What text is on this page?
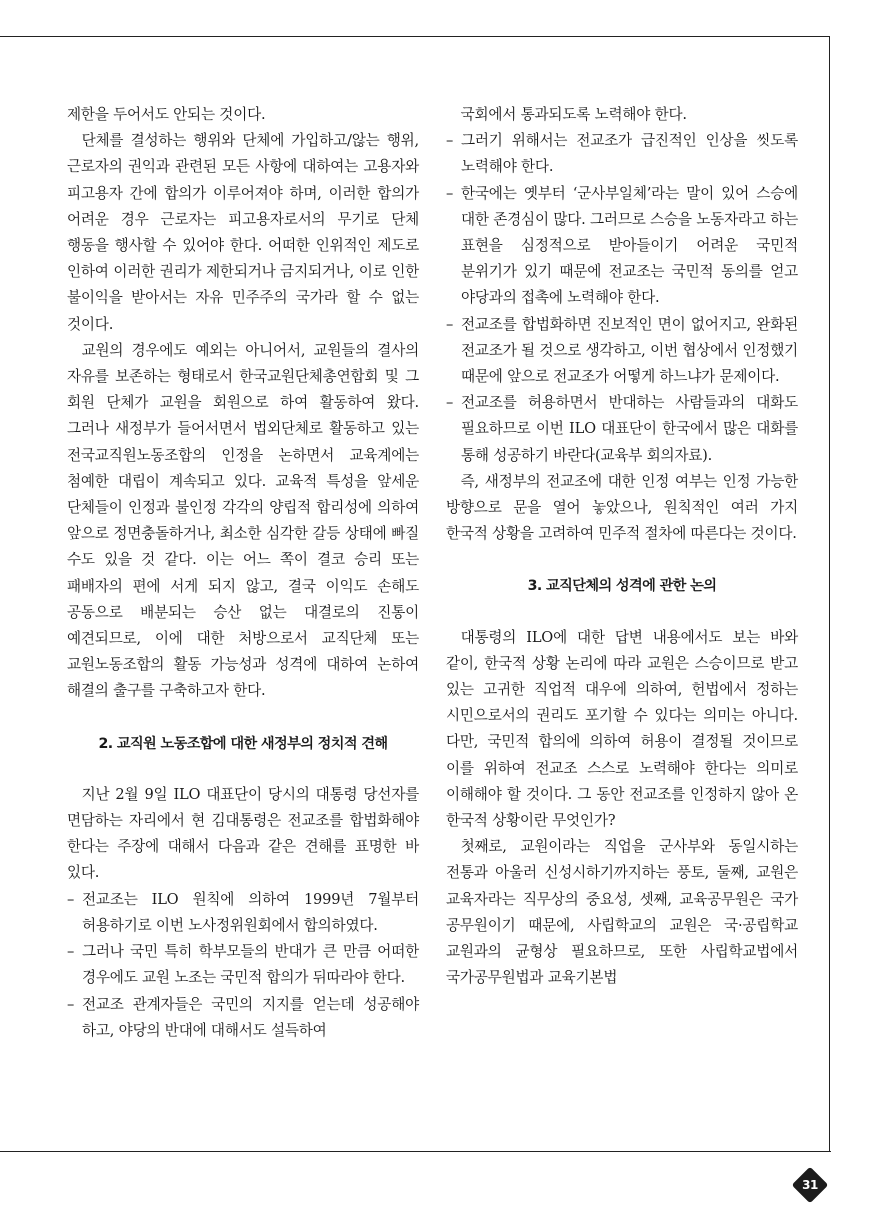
제한을 두어서도 안되는 것이다.

단체를 결성하는 행위와 단체에 가입하고/않는 행위, 근로자의 권익과 관련된 모든 사항에 대하여는 고용자와 피고용자 간에 합의가 이루어져야 하며, 이러한 합의가 어려운 경우 근로자는 피고용자로서의 무기로 단체 행동을 행사할 수 있어야 한다. 어떠한 인위적인 제도로 인하여 이러한 권리가 제한되거나 금지되거나, 이로 인한 불이익을 받아서는 자유 민주주의 국가라 할 수 없는 것이다.

교원의 경우에도 예외는 아니어서, 교원들의 결사의 자유를 보존하는 형태로서 한국교원단체총연합회 및 그 회원 단체가 교원을 회원으로 하여 활동하여 왔다. 그러나 새정부가 들어서면서 법외단체로 활동하고 있는 전국교직원노동조합의 인정을 논하면서 교육계에는 첨예한 대립이 계속되고 있다. 교육적 특성을 앞세운 단체들이 인정과 불인정 각각의 양립적 합리성에 의하여 앞으로 정면충돌하거나, 최소한 심각한 갈등 상태에 빠질 수도 있을 것 같다. 이는 어느 쪽이 결코 승리 또는 패배자의 편에 서게 되지 않고, 결국 이익도 손해도 공동으로 배분되는 승산 없는 대결로의 진통이 예견되므로, 이에 대한 처방으로서 교직단체 또는 교원노동조합의 활동 가능성과 성격에 대하여 논하여 해결의 출구를 구축하고자 한다.

2. 교직원 노동조합에 대한 새정부의 정치적 견해

지난 2월 9일 ILO 대표단이 당시의 대통령 당선자를 면담하는 자리에서 현 김대통령은 전교조를 합법화해야 한다는 주장에 대해서 다음과 같은 견해를 표명한 바 있다.

– 전교조는 ILO 원칙에 의하여 1999년 7월부터 허용하기로 이번 노사정위원회에서 합의하였다.
– 그러나 국민 특히 학부모들의 반대가 큰 만큼 어떠한 경우에도 교원 노조는 국민적 합의가 뒤따라야 한다.
– 전교조 관계자들은 국민의 지지를 얻는데 성공해야 하고, 야당의 반대에 대해서도 설득하여

국회에서 통과되도록 노력해야 한다.

– 그러기 위해서는 전교조가 급진적인 인상을 씻도록 노력해야 한다.
– 한국에는 옛부터 ‘군사부일체’라는 말이 있어 스승에 대한 존경심이 많다. 그러므로 스승을 노동자라고 하는 표현을 심정적으로 받아들이기 어려운 국민적 분위기가 있기 때문에 전교조는 국민적 동의를 얻고 야당과의 접촉에 노력해야 한다.
– 전교조를 합법화하면 진보적인 면이 없어지고, 완화된 전교조가 될 것으로 생각하고, 이번 협상에서 인정했기 때문에 앞으로 전교조가 어떻게 하느냐가 문제이다.
– 전교조를 허용하면서 반대하는 사람들과의 대화도 필요하므로 이번 ILO 대표단이 한국에서 많은 대화를 통해 성공하기 바란다(교육부 회의자료).

즉, 새정부의 전교조에 대한 인정 여부는 인정 가능한 방향으로 문을 열어 놓았으나, 원칙적인 여러 가지 한국적 상황을 고려하여 민주적 절차에 따른다는 것이다.

3. 교직단체의 성격에 관한 논의

대통령의 ILO에 대한 답변 내용에서도 보는 바와 같이, 한국적 상황 논리에 따라 교원은 스승이므로 받고 있는 고귀한 직업적 대우에 의하여, 헌법에서 정하는 시민으로서의 권리도 포기할 수 있다는 의미는 아니다. 다만, 국민적 합의에 의하여 허용이 결정될 것이므로 이를 위하여 전교조 스스로 노력해야 한다는 의미로 이해해야 할 것이다. 그 동안 전교조를 인정하지 않아 온 한국적 상황이란 무엇인가?

첫째로, 교원이라는 직업을 군사부와 동일시하는 전통과 아울러 신성시하기까지하는 풍토, 둘째, 교원은 교육자라는 직무상의 중요성, 셋째, 교육공무원은 국가 공무원이기 때문에, 사립학교의 교원은 국·공립학교 교원과의 균형상 필요하므로, 또한 사립학교법에서 국가공무원법과 교육기본법

31
